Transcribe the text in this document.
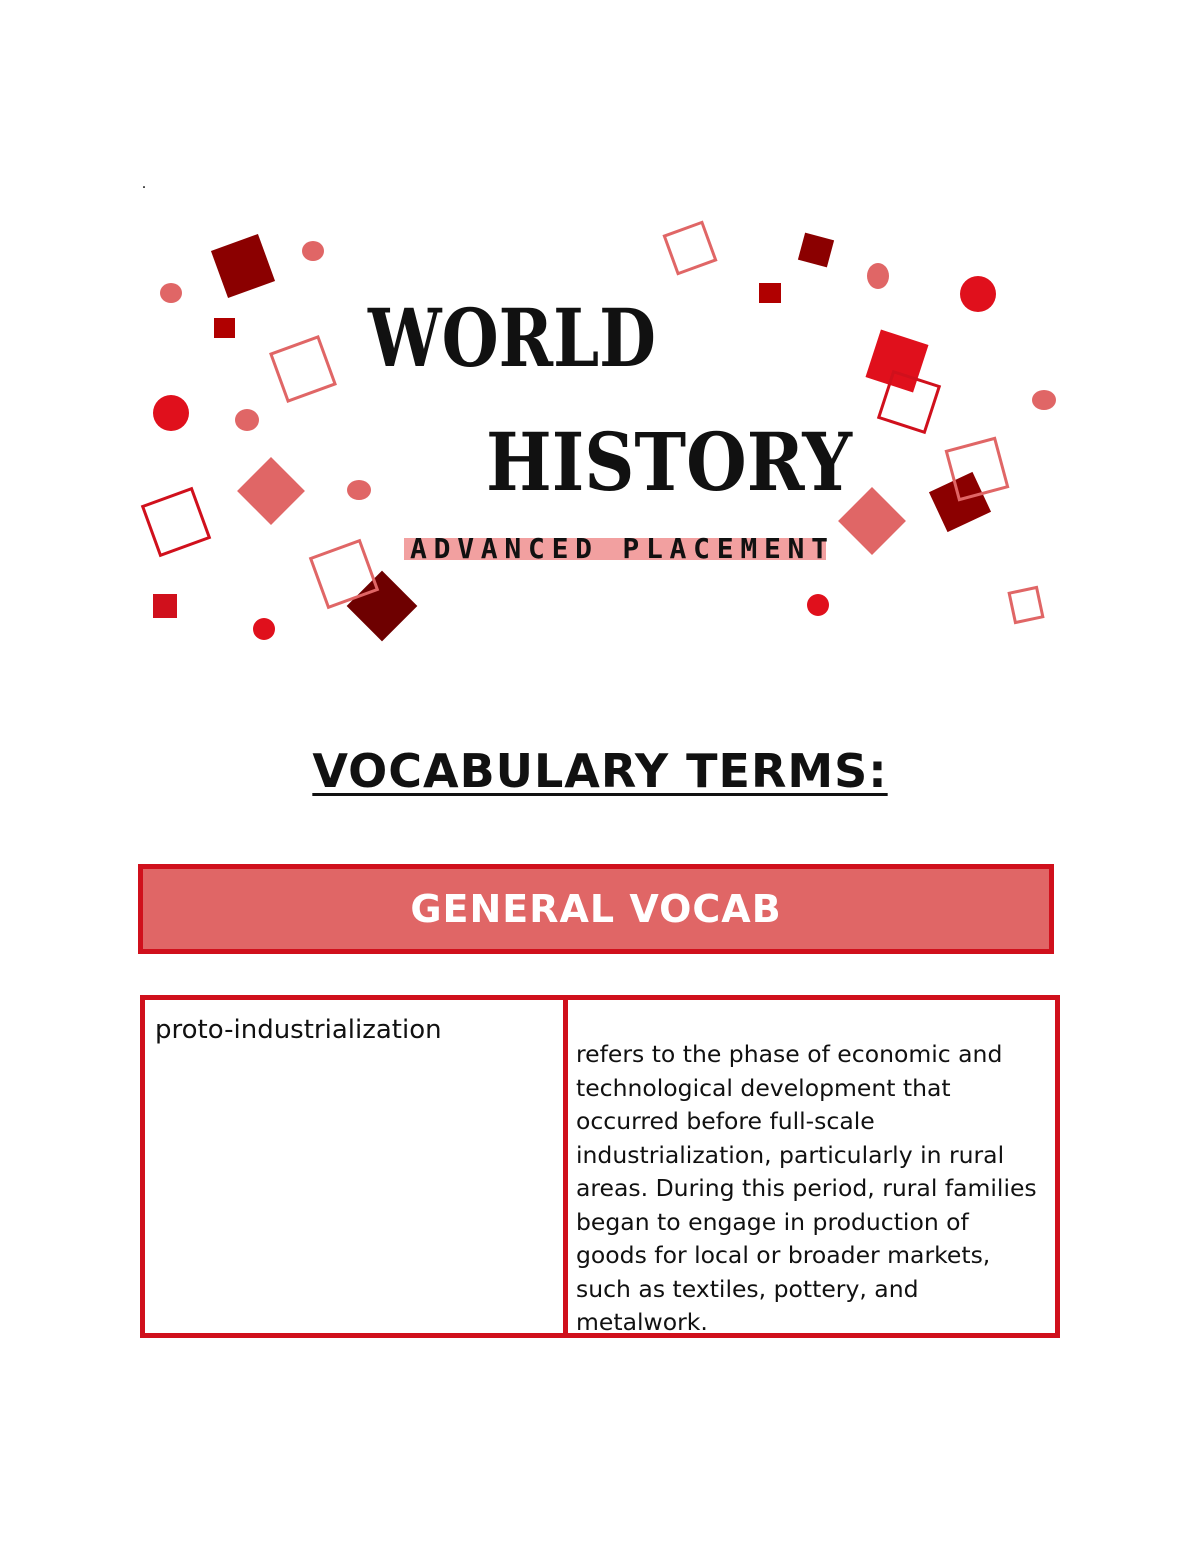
.
WORLD
HISTORY
ADVANCED PLACEMENT
VOCABULARY TERMS:
GENERAL VOCAB
proto-industrialization
refers to the phase of economic and technological development that occurred before full-scale industrialization, particularly in rural areas. During this period, rural families began to engage in production of goods for local or broader markets, such as textiles, pottery, and metalwork.
